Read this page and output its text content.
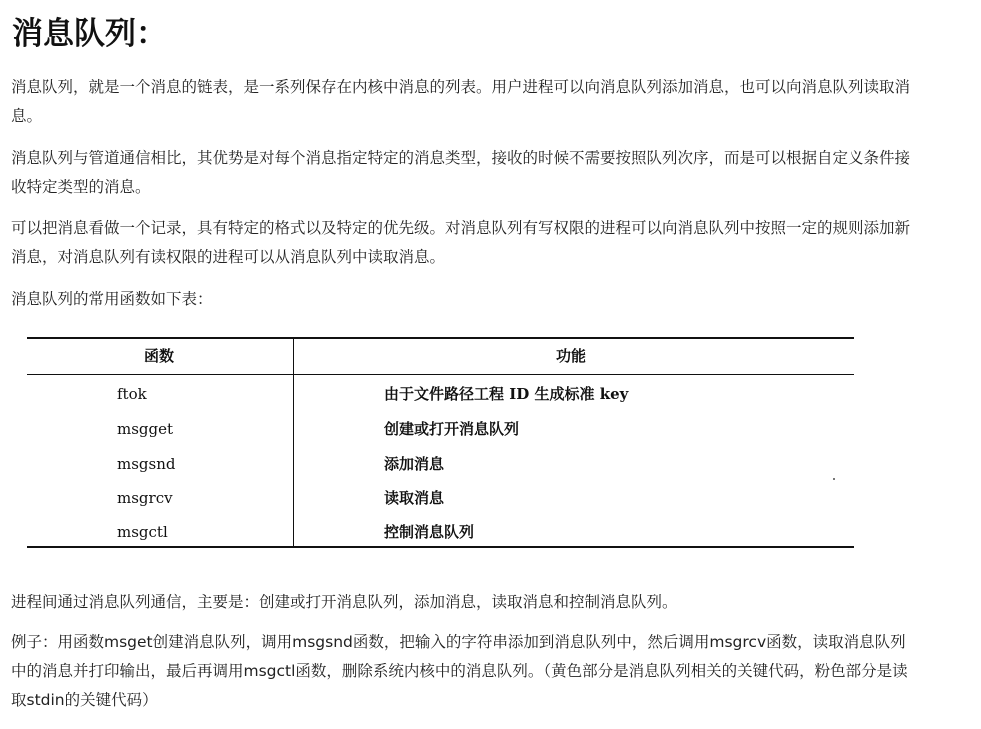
消息队列：

消息队列，就是一个消息的链表，是一系列保存在内核中消息的列表。用户进程可以向消息队列添加消息，也可以向消息队列读取消息。

消息队列与管道通信相比，其优势是对每个消息指定特定的消息类型，接收的时候不需要按照队列次序，而是可以根据自定义条件接收特定类型的消息。

可以把消息看做一个记录，具有特定的格式以及特定的优先级。对消息队列有写权限的进程可以向消息队列中按照一定的规则添加新消息，对消息队列有读权限的进程可以从消息队列中读取消息。

消息队列的常用函数如下表：

函数	功能
ftok	由于文件路径工程 ID 生成标准 key
msgget	创建或打开消息队列
msgsnd	添加消息
msgrcv	读取消息
msgctl	控制消息队列

进程间通过消息队列通信，主要是：创建或打开消息队列，添加消息，读取消息和控制消息队列。

例子：用函数msget创建消息队列，调用msgsnd函数，把输入的字符串添加到消息队列中，然后调用msgrcv函数，读取消息队列中的消息并打印输出，最后再调用msgctl函数，删除系统内核中的消息队列。（黄色部分是消息队列相关的关键代码，粉色部分是读取stdin的关键代码）
